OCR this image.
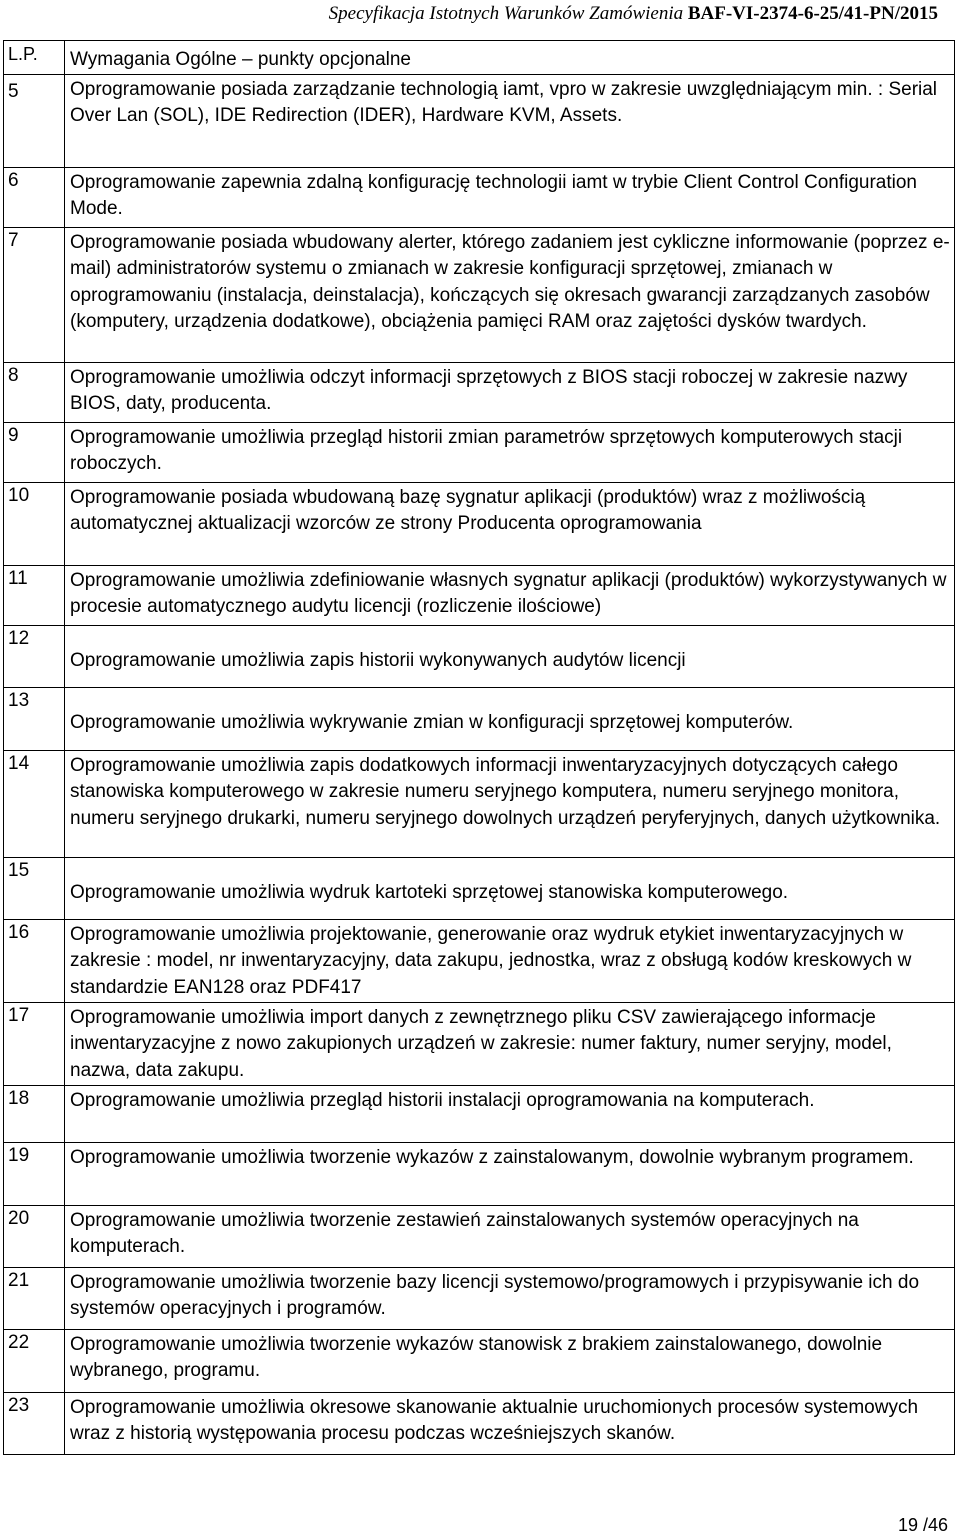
Specyfikacja Istotnych Warunków Zamówienia BAF-VI-2374-6-25/41-PN/2015
L.P.	Wymagania Ogólne – punkty opcjonalne
5	Oprogramowanie posiada zarządzanie technologią iamt, vpro w zakresie uwzględniającym min. : Serial Over Lan (SOL), IDE Redirection (IDER), Hardware KVM, Assets.
6	Oprogramowanie zapewnia zdalną konfigurację technologii iamt w trybie Client Control Configuration Mode.
7	Oprogramowanie posiada wbudowany alerter, którego zadaniem jest cykliczne informowanie (poprzez e-mail) administratorów systemu o zmianach w zakresie konfiguracji sprzętowej, zmianach w oprogramowaniu (instalacja, deinstalacja), kończących się okresach gwarancji zarządzanych zasobów (komputery, urządzenia dodatkowe), obciążenia pamięci RAM oraz zajętości dysków twardych.
8	Oprogramowanie umożliwia odczyt informacji sprzętowych z BIOS stacji roboczej w zakresie nazwy BIOS, daty, producenta.
9	Oprogramowanie umożliwia przegląd historii zmian parametrów sprzętowych komputerowych stacji roboczych.
10	Oprogramowanie posiada wbudowaną bazę sygnatur aplikacji (produktów) wraz z możliwością automatycznej aktualizacji wzorców ze strony Producenta oprogramowania
11	Oprogramowanie umożliwia zdefiniowanie własnych sygnatur aplikacji (produktów) wykorzystywanych w procesie automatycznego audytu licencji (rozliczenie ilościowe)
12	Oprogramowanie umożliwia zapis historii wykonywanych audytów licencji
13	Oprogramowanie umożliwia wykrywanie zmian w konfiguracji sprzętowej komputerów.
14	Oprogramowanie umożliwia zapis dodatkowych informacji inwentaryzacyjnych dotyczących całego stanowiska komputerowego w zakresie numeru seryjnego komputera, numeru seryjnego monitora, numeru seryjnego drukarki, numeru seryjnego dowolnych urządzeń peryferyjnych, danych użytkownika.
15	Oprogramowanie umożliwia wydruk kartoteki sprzętowej stanowiska komputerowego.
16	Oprogramowanie umożliwia projektowanie, generowanie oraz wydruk etykiet inwentaryzacyjnych w zakresie : model, nr inwentaryzacyjny, data zakupu, jednostka, wraz z obsługą kodów kreskowych w standardzie EAN128 oraz PDF417
17	Oprogramowanie umożliwia import danych z zewnętrznego pliku CSV zawierającego informacje inwentaryzacyjne z nowo zakupionych urządzeń w zakresie: numer faktury, numer seryjny, model, nazwa, data zakupu.
18	Oprogramowanie umożliwia przegląd historii instalacji oprogramowania na komputerach.
19	Oprogramowanie umożliwia tworzenie wykazów z zainstalowanym, dowolnie wybranym programem.
20	Oprogramowanie umożliwia tworzenie zestawień zainstalowanych systemów operacyjnych na komputerach.
21	Oprogramowanie umożliwia tworzenie bazy licencji systemowo/programowych i przypisywanie ich do systemów operacyjnych i programów.
22	Oprogramowanie umożliwia tworzenie wykazów stanowisk z brakiem zainstalowanego, dowolnie wybranego, programu.
23	Oprogramowanie umożliwia okresowe skanowanie aktualnie uruchomionych procesów systemowych wraz z historią występowania procesu podczas wcześniejszych skanów.
19 /46
